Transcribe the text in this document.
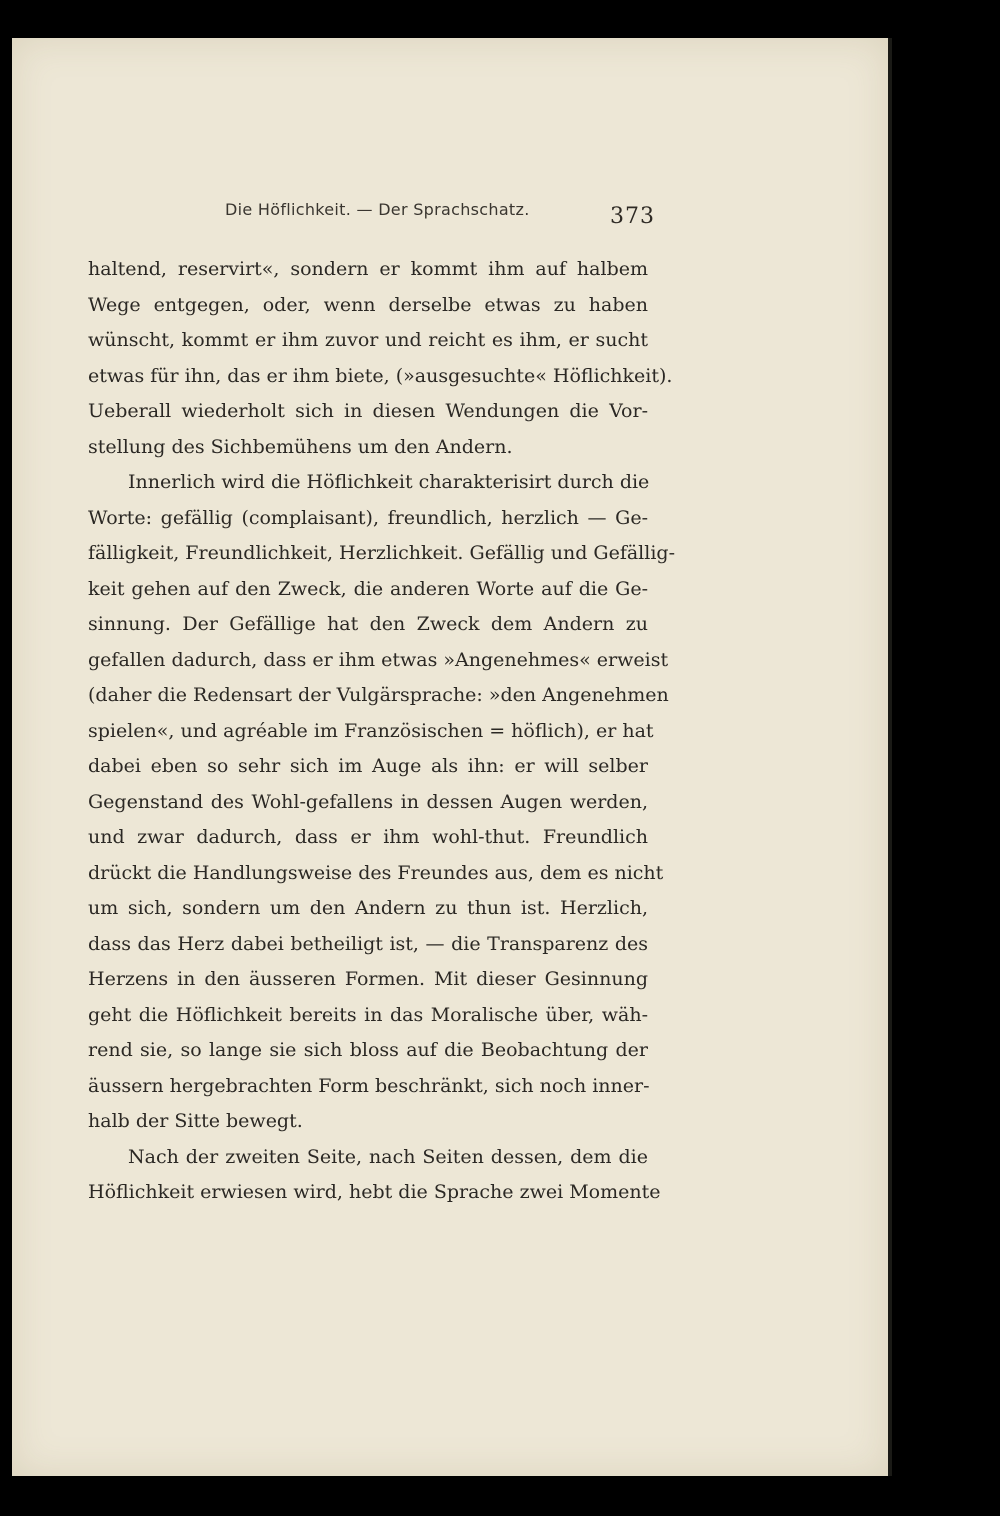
Die Höflichkeit. — Der Sprachschatz.	373
haltend, reservirt«, sondern er kommt ihm auf halbem
Wege entgegen, oder, wenn derselbe etwas zu haben
wünscht, kommt er ihm zuvor und reicht es ihm, er sucht
etwas für ihn, das er ihm biete, (»ausgesuchte« Höflichkeit).
Ueberall wiederholt sich in diesen Wendungen die Vor-
stellung des Sichbemühens um den Andern.
Innerlich wird die Höflichkeit charakterisirt durch die
Worte: gefällig (complaisant), freundlich, herzlich — Ge-
fälligkeit, Freundlichkeit, Herzlichkeit. Gefällig und Gefällig-
keit gehen auf den Zweck, die anderen Worte auf die Ge-
sinnung. Der Gefällige hat den Zweck dem Andern zu
gefallen dadurch, dass er ihm etwas »Angenehmes« erweist
(daher die Redensart der Vulgärsprache: »den Angenehmen
spielen«, und agréable im Französischen = höflich), er hat
dabei eben so sehr sich im Auge als ihn: er will selber
Gegenstand des Wohl-gefallens in dessen Augen werden,
und zwar dadurch, dass er ihm wohl-thut. Freundlich
drückt die Handlungsweise des Freundes aus, dem es nicht
um sich, sondern um den Andern zu thun ist. Herzlich,
dass das Herz dabei betheiligt ist, — die Transparenz des
Herzens in den äusseren Formen. Mit dieser Gesinnung
geht die Höflichkeit bereits in das Moralische über, wäh-
rend sie, so lange sie sich bloss auf die Beobachtung der
äussern hergebrachten Form beschränkt, sich noch inner-
halb der Sitte bewegt.
Nach der zweiten Seite, nach Seiten dessen, dem die
Höflichkeit erwiesen wird, hebt die Sprache zwei Momente
